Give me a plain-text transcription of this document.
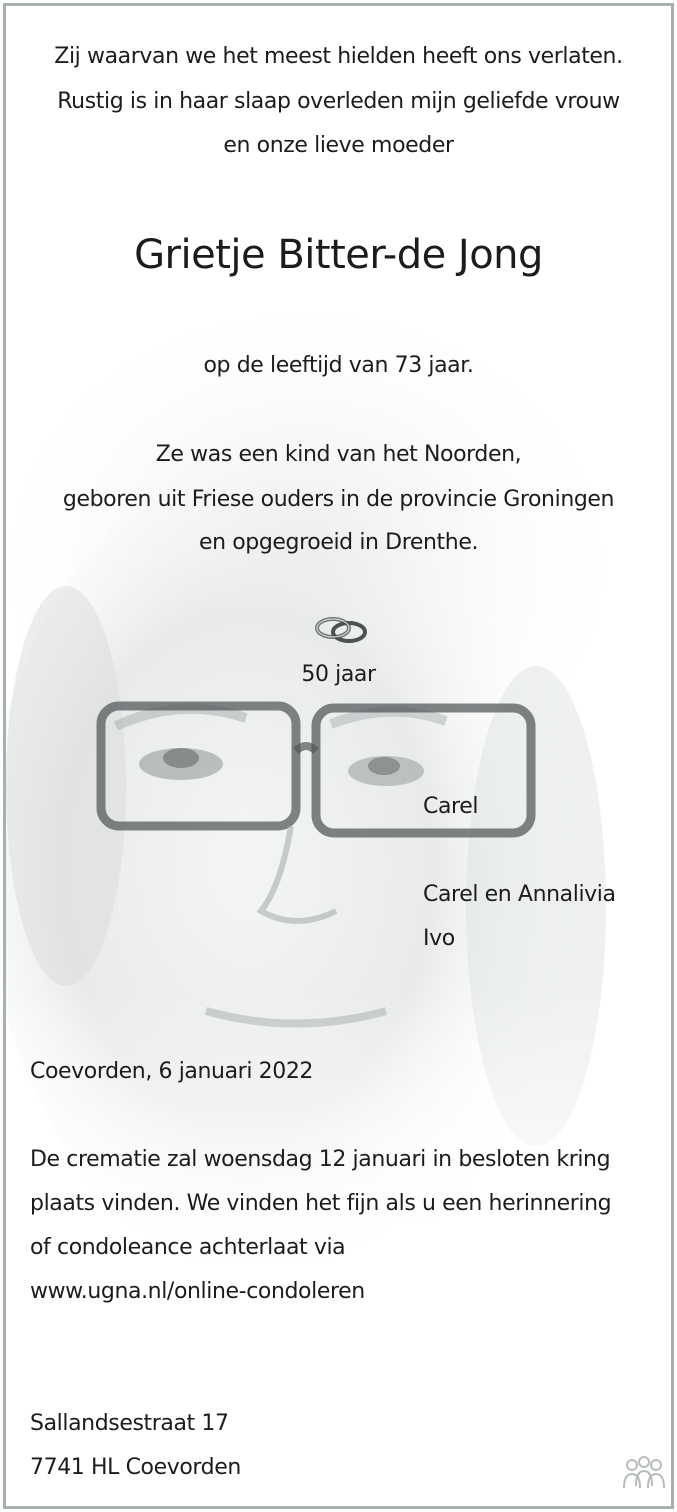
Zij waarvan we het meest hielden heeft ons verlaten.
Rustig is in haar slaap overleden mijn geliefde vrouw
en onze lieve moeder
Grietje Bitter-de Jong
op de leeftijd van 73 jaar.
Ze was een kind van het Noorden,
geboren uit Friese ouders in de provincie Groningen
en opgegroeid in Drenthe.
50 jaar
Carel
Carel en Annalivia
Ivo
Coevorden, 6 januari 2022
De crematie zal woensdag 12 januari in besloten kring
plaats vinden. We vinden het fijn als u een herinnering
of condoleance achterlaat via
www.ugna.nl/online-condoleren
Sallandsestraat 17
7741 HL Coevorden
